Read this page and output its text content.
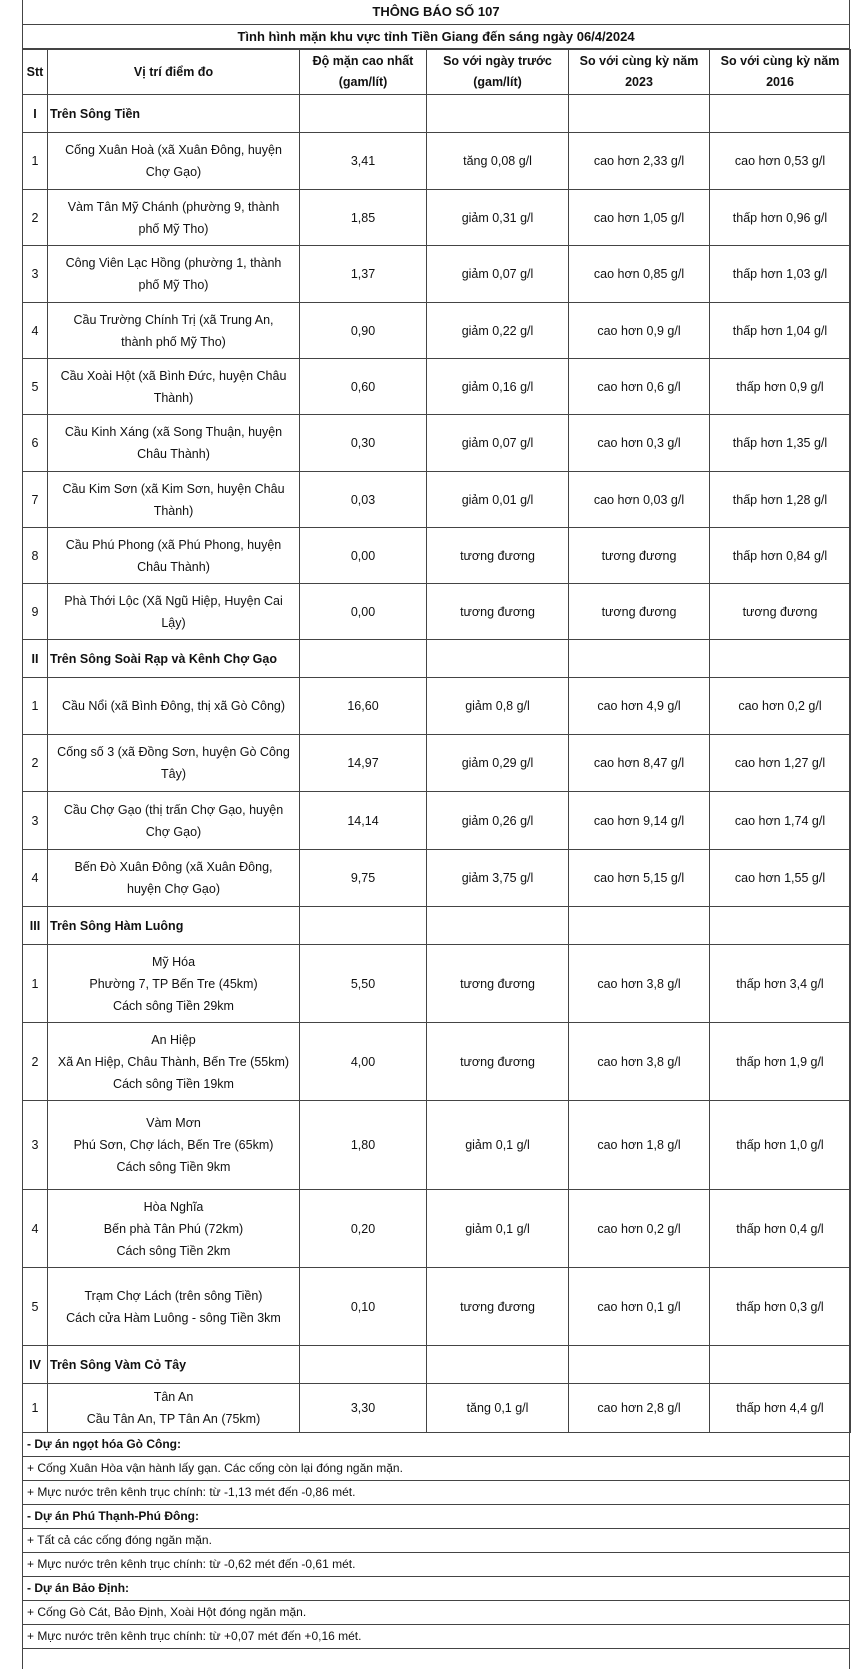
THÔNG BÁO SỐ 107
Tình hình mặn khu vực tỉnh Tiền Giang đến sáng ngày 06/4/2024
Stt	Vị trí điểm đo	Độ mặn cao nhất (gam/lít)	So với ngày trước (gam/lít)	So với cùng kỳ năm 2023	So với cùng kỳ năm 2016
I	Trên Sông Tiền				
1	Cống Xuân Hoà (xã Xuân Đông, huyện
Chợ Gạo)	3,41	tăng 0,08 g/l	cao hơn 2,33 g/l	cao hơn 0,53 g/l
2	Vàm Tân Mỹ Chánh (phường 9, thành
phố Mỹ Tho)	1,85	giảm 0,31 g/l	cao hơn 1,05 g/l	thấp hơn 0,96 g/l
3	Công Viên Lạc Hồng (phường 1, thành
phố Mỹ Tho)	1,37	giảm 0,07 g/l	cao hơn 0,85 g/l	thấp hơn 1,03 g/l
4	Cầu Trường Chính Trị (xã Trung An,
thành phố Mỹ Tho)	0,90	giảm 0,22 g/l	cao hơn 0,9 g/l	thấp hơn 1,04 g/l
5	Cầu Xoài Hột (xã Bình Đức, huyện Châu
Thành)	0,60	giảm 0,16 g/l	cao hơn 0,6 g/l	thấp hơn 0,9 g/l
6	Cầu Kinh Xáng (xã Song Thuận, huyện
Châu Thành)	0,30	giảm 0,07 g/l	cao hơn 0,3 g/l	thấp hơn 1,35 g/l
7	Cầu Kim Sơn (xã Kim Sơn, huyện Châu
Thành)	0,03	giảm 0,01 g/l	cao hơn 0,03 g/l	thấp hơn 1,28 g/l
8	Cầu Phú Phong (xã Phú Phong, huyện
Châu Thành)	0,00	tương đương	tương đương	thấp hơn 0,84 g/l
9	Phà Thới Lộc (Xã Ngũ Hiệp, Huyện Cai
Lậy)	0,00	tương đương	tương đương	tương đương
II	Trên Sông Soài Rạp và Kênh Chợ Gạo				
1	Cầu Nổi (xã Bình Đông, thị xã Gò Công)	16,60	giảm 0,8 g/l	cao hơn 4,9 g/l	cao hơn 0,2 g/l
2	Cống số 3 (xã Đồng Sơn, huyện Gò Công
Tây)	14,97	giảm 0,29 g/l	cao hơn 8,47 g/l	cao hơn 1,27 g/l
3	Cầu Chợ Gạo (thị trấn Chợ Gạo, huyện
Chợ Gạo)	14,14	giảm 0,26 g/l	cao hơn 9,14 g/l	cao hơn 1,74 g/l
4	Bến Đò Xuân Đông (xã Xuân Đông,
huyện Chợ Gạo)	9,75	giảm 3,75 g/l	cao hơn 5,15 g/l	cao hơn 1,55 g/l
III	Trên Sông Hàm Luông				
1	Mỹ Hóa
Phường 7, TP Bến Tre (45km)
Cách sông Tiền 29km	5,50	tương đương	cao hơn 3,8 g/l	thấp hơn 3,4 g/l
2	An Hiệp
Xã An Hiệp, Châu Thành, Bến Tre (55km)
Cách sông Tiền 19km	4,00	tương đương	cao hơn 3,8 g/l	thấp hơn 1,9 g/l
3	Vàm Mơn
Phú Sơn, Chợ lách, Bến Tre (65km)
Cách sông Tiền 9km	1,80	giảm 0,1 g/l	cao hơn 1,8 g/l	thấp hơn 1,0 g/l
4	Hòa Nghĩa
Bến phà Tân Phú (72km)
Cách sông Tiền 2km	0,20	giảm 0,1 g/l	cao hơn 0,2 g/l	thấp hơn 0,4 g/l
5	Trạm Chợ Lách (trên sông Tiền)
Cách cửa Hàm Luông - sông Tiền 3km	0,10	tương đương	cao hơn 0,1 g/l	thấp hơn 0,3 g/l
IV	Trên Sông Vàm Cỏ Tây				
1	Tân An
Cầu Tân An, TP Tân An (75km)	3,30	tăng 0,1 g/l	cao hơn 2,8 g/l	thấp hơn 4,4 g/l
- Dự án ngọt hóa Gò Công:
+ Cống Xuân Hòa vận hành lấy gạn. Các cống còn lại đóng ngăn mặn.
+ Mực nước trên kênh trục chính: từ -1,13 mét đến -0,86 mét.
- Dự án Phú Thạnh-Phú Đông:
+ Tất cả các cống đóng ngăn mặn.
+ Mực nước trên kênh trục chính: từ -0,62 mét đến -0,61 mét.
- Dự án Bảo Định:
+ Cống Gò Cát, Bảo Định, Xoài Hột đóng ngăn mặn.
+ Mực nước trên kênh trục chính: từ +0,07 mét đến +0,16 mét.
